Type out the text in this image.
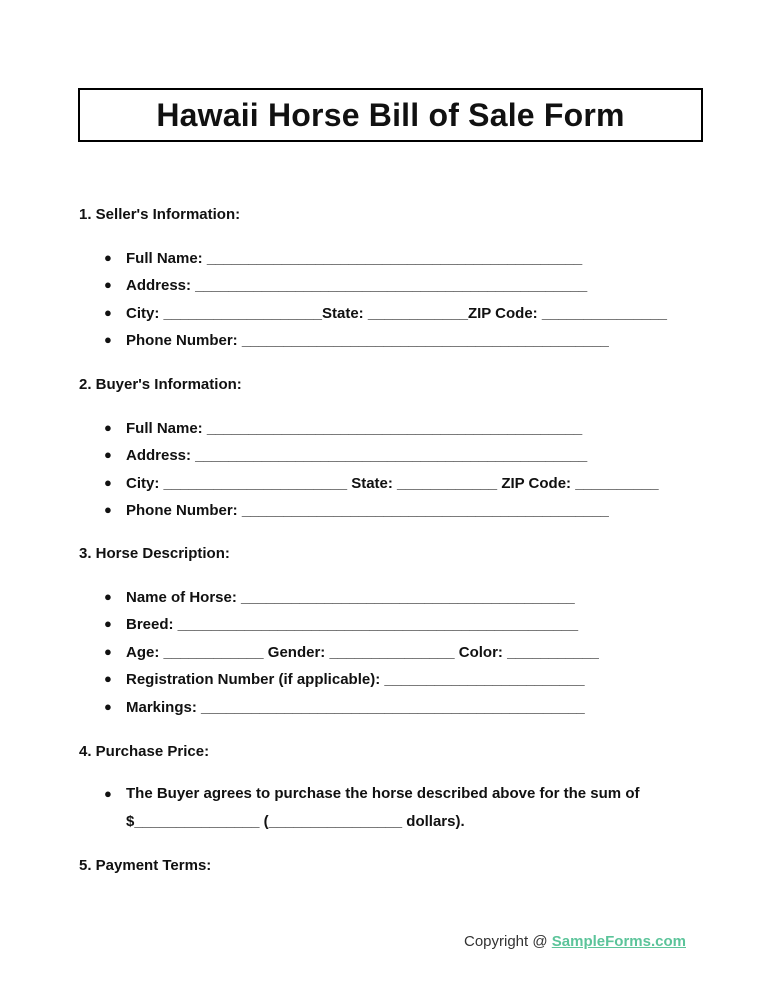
Hawaii Horse Bill of Sale Form

1. Seller's Information:

● Full Name: _____________________________________________

● Address: _______________________________________________

● City: ___________________State: ____________ZIP Code: _______________

● Phone Number: ____________________________________________

2. Buyer's Information:

● Full Name: _____________________________________________

● Address: _______________________________________________

● City: ______________________ State: ____________ ZIP Code: __________

● Phone Number: ____________________________________________

3. Horse Description:

● Name of Horse: ________________________________________

● Breed: ________________________________________________

● Age: ____________ Gender: _______________ Color: ___________

● Registration Number (if applicable): ________________________

● Markings: ______________________________________________

4. Purchase Price:

● The Buyer agrees to purchase the horse described above for the sum of $_______________ (________________ dollars).

5. Payment Terms:

Copyright @ SampleForms.com
